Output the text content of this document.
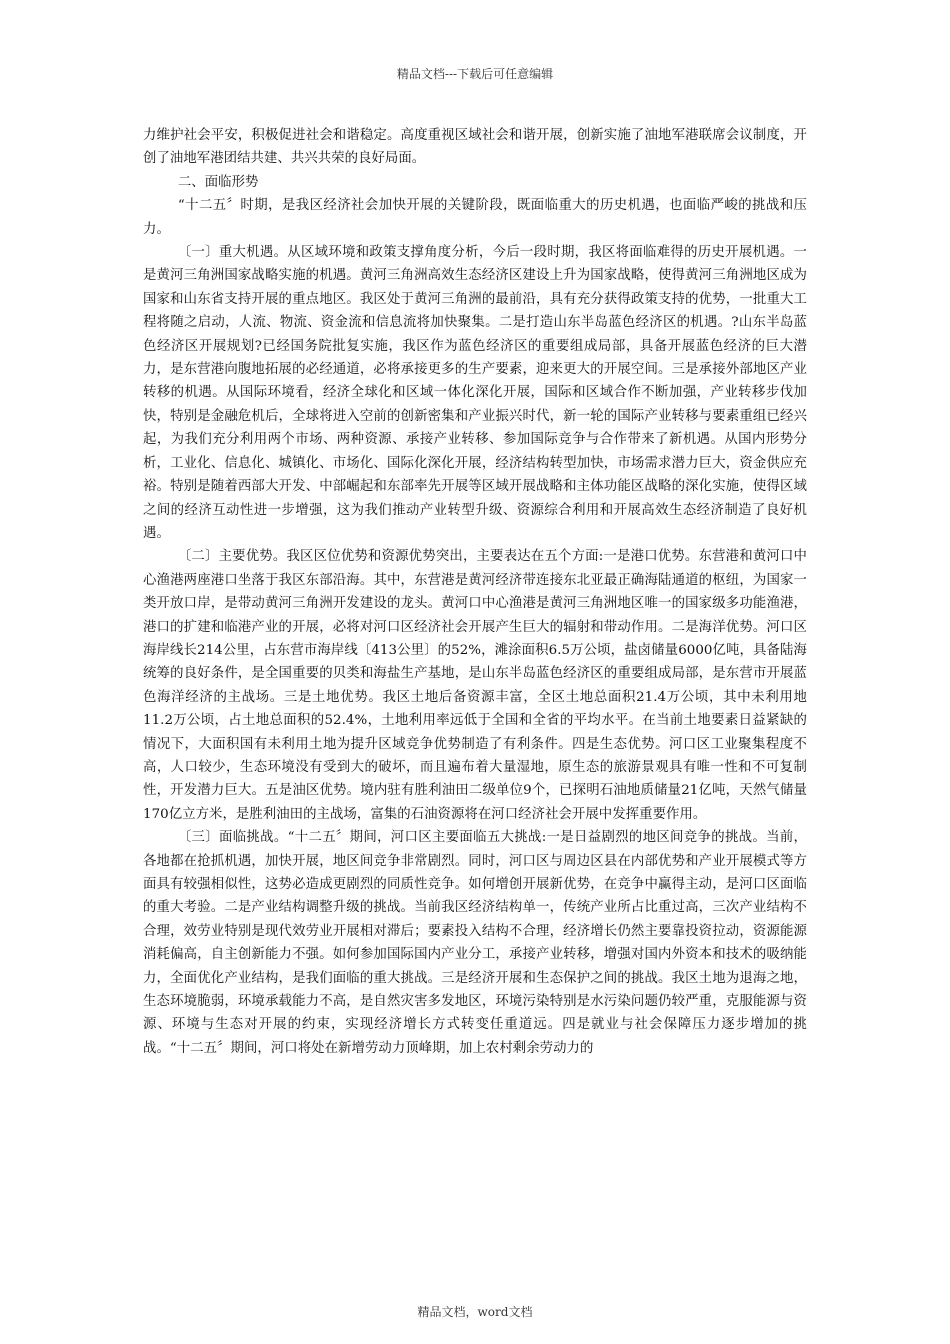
精品文档---下载后可任意编辑

力维护社会平安，积极促进社会和谐稳定。高度重视区域社会和谐开展，创新实施了油地军港联席会议制度，开创了油地军港团结共建、共兴共荣的良好局面。

二、面临形势

“十二五〞时期，是我区经济社会加快开展的关键阶段，既面临重大的历史机遇，也面临严峻的挑战和压力。

〔一〕重大机遇。从区域环境和政策支撑角度分析，今后一段时期，我区将面临难得的历史开展机遇。一是黄河三角洲国家战略实施的机遇。黄河三角洲高效生态经济区建设上升为国家战略，使得黄河三角洲地区成为国家和山东省支持开展的重点地区。我区处于黄河三角洲的最前沿，具有充分获得政策支持的优势，一批重大工程将随之启动，人流、物流、资金流和信息流将加快聚集。二是打造山东半岛蓝色经济区的机遇。?山东半岛蓝色经济区开展规划?已经国务院批复实施，我区作为蓝色经济区的重要组成局部，具备开展蓝色经济的巨大潜力，是东营港向腹地拓展的必经通道，必将承接更多的生产要素，迎来更大的开展空间。三是承接外部地区产业转移的机遇。从国际环境看，经济全球化和区域一体化深化开展，国际和区域合作不断加强，产业转移步伐加快，特别是金融危机后，全球将进入空前的创新密集和产业振兴时代，新一轮的国际产业转移与要素重组已经兴起，为我们充分利用两个市场、两种资源、承接产业转移、参加国际竞争与合作带来了新机遇。从国内形势分析，工业化、信息化、城镇化、市场化、国际化深化开展，经济结构转型加快，市场需求潜力巨大，资金供应充裕。特别是随着西部大开发、中部崛起和东部率先开展等区域开展战略和主体功能区战略的深化实施，使得区域之间的经济互动性进一步增强，这为我们推动产业转型升级、资源综合利用和开展高效生态经济制造了良好机遇。

〔二〕主要优势。我区区位优势和资源优势突出，主要表达在五个方面:一是港口优势。东营港和黄河口中心渔港两座港口坐落于我区东部沿海。其中，东营港是黄河经济带连接东北亚最正确海陆通道的枢纽，为国家一类开放口岸，是带动黄河三角洲开发建设的龙头。黄河口中心渔港是黄河三角洲地区唯一的国家级多功能渔港，港口的扩建和临港产业的开展，必将对河口区经济社会开展产生巨大的辐射和带动作用。二是海洋优势。河口区海岸线长214公里，占东营市海岸线〔413公里〕的52%，滩涂面积6.5万公顷，盐卤储量6000亿吨，具备陆海统筹的良好条件，是全国重要的贝类和海盐生产基地，是山东半岛蓝色经济区的重要组成局部，是东营市开展蓝色海洋经济的主战场。三是土地优势。我区土地后备资源丰富，全区土地总面积21.4万公顷，其中未利用地11.2万公顷，占土地总面积的52.4%，土地利用率远低于全国和全省的平均水平。在当前土地要素日益紧缺的情况下，大面积国有未利用土地为提升区域竞争优势制造了有利条件。四是生态优势。河口区工业聚集程度不高，人口较少，生态环境没有受到大的破坏，而且遍布着大量湿地，原生态的旅游景观具有唯一性和不可复制性，开发潜力巨大。五是油区优势。境内驻有胜利油田二级单位9个，已探明石油地质储量21亿吨，天然气储量170亿立方米，是胜利油田的主战场，富集的石油资源将在河口经济社会开展中发挥重要作用。

〔三〕面临挑战。“十二五〞期间，河口区主要面临五大挑战:一是日益剧烈的地区间竞争的挑战。当前，各地都在抢抓机遇，加快开展，地区间竞争非常剧烈。同时，河口区与周边区县在内部优势和产业开展模式等方面具有较强相似性，这势必造成更剧烈的同质性竞争。如何增创开展新优势，在竞争中赢得主动，是河口区面临的重大考验。二是产业结构调整升级的挑战。当前我区经济结构单一，传统产业所占比重过高，三次产业结构不合理，效劳业特别是现代效劳业开展相对滞后；要素投入结构不合理，经济增长仍然主要靠投资拉动，资源能源消耗偏高，自主创新能力不强。如何参加国际国内产业分工，承接产业转移，增强对国内外资本和技术的吸纳能力，全面优化产业结构，是我们面临的重大挑战。三是经济开展和生态保护之间的挑战。我区土地为退海之地，生态环境脆弱，环境承载能力不高，是自然灾害多发地区，环境污染特别是水污染问题仍较严重，克服能源与资源、环境与生态对开展的约束，实现经济增长方式转变任重道远。四是就业与社会保障压力逐步增加的挑战。“十二五〞期间，河口将处在新增劳动力顶峰期，加上农村剩余劳动力的

精品文档，word文档
